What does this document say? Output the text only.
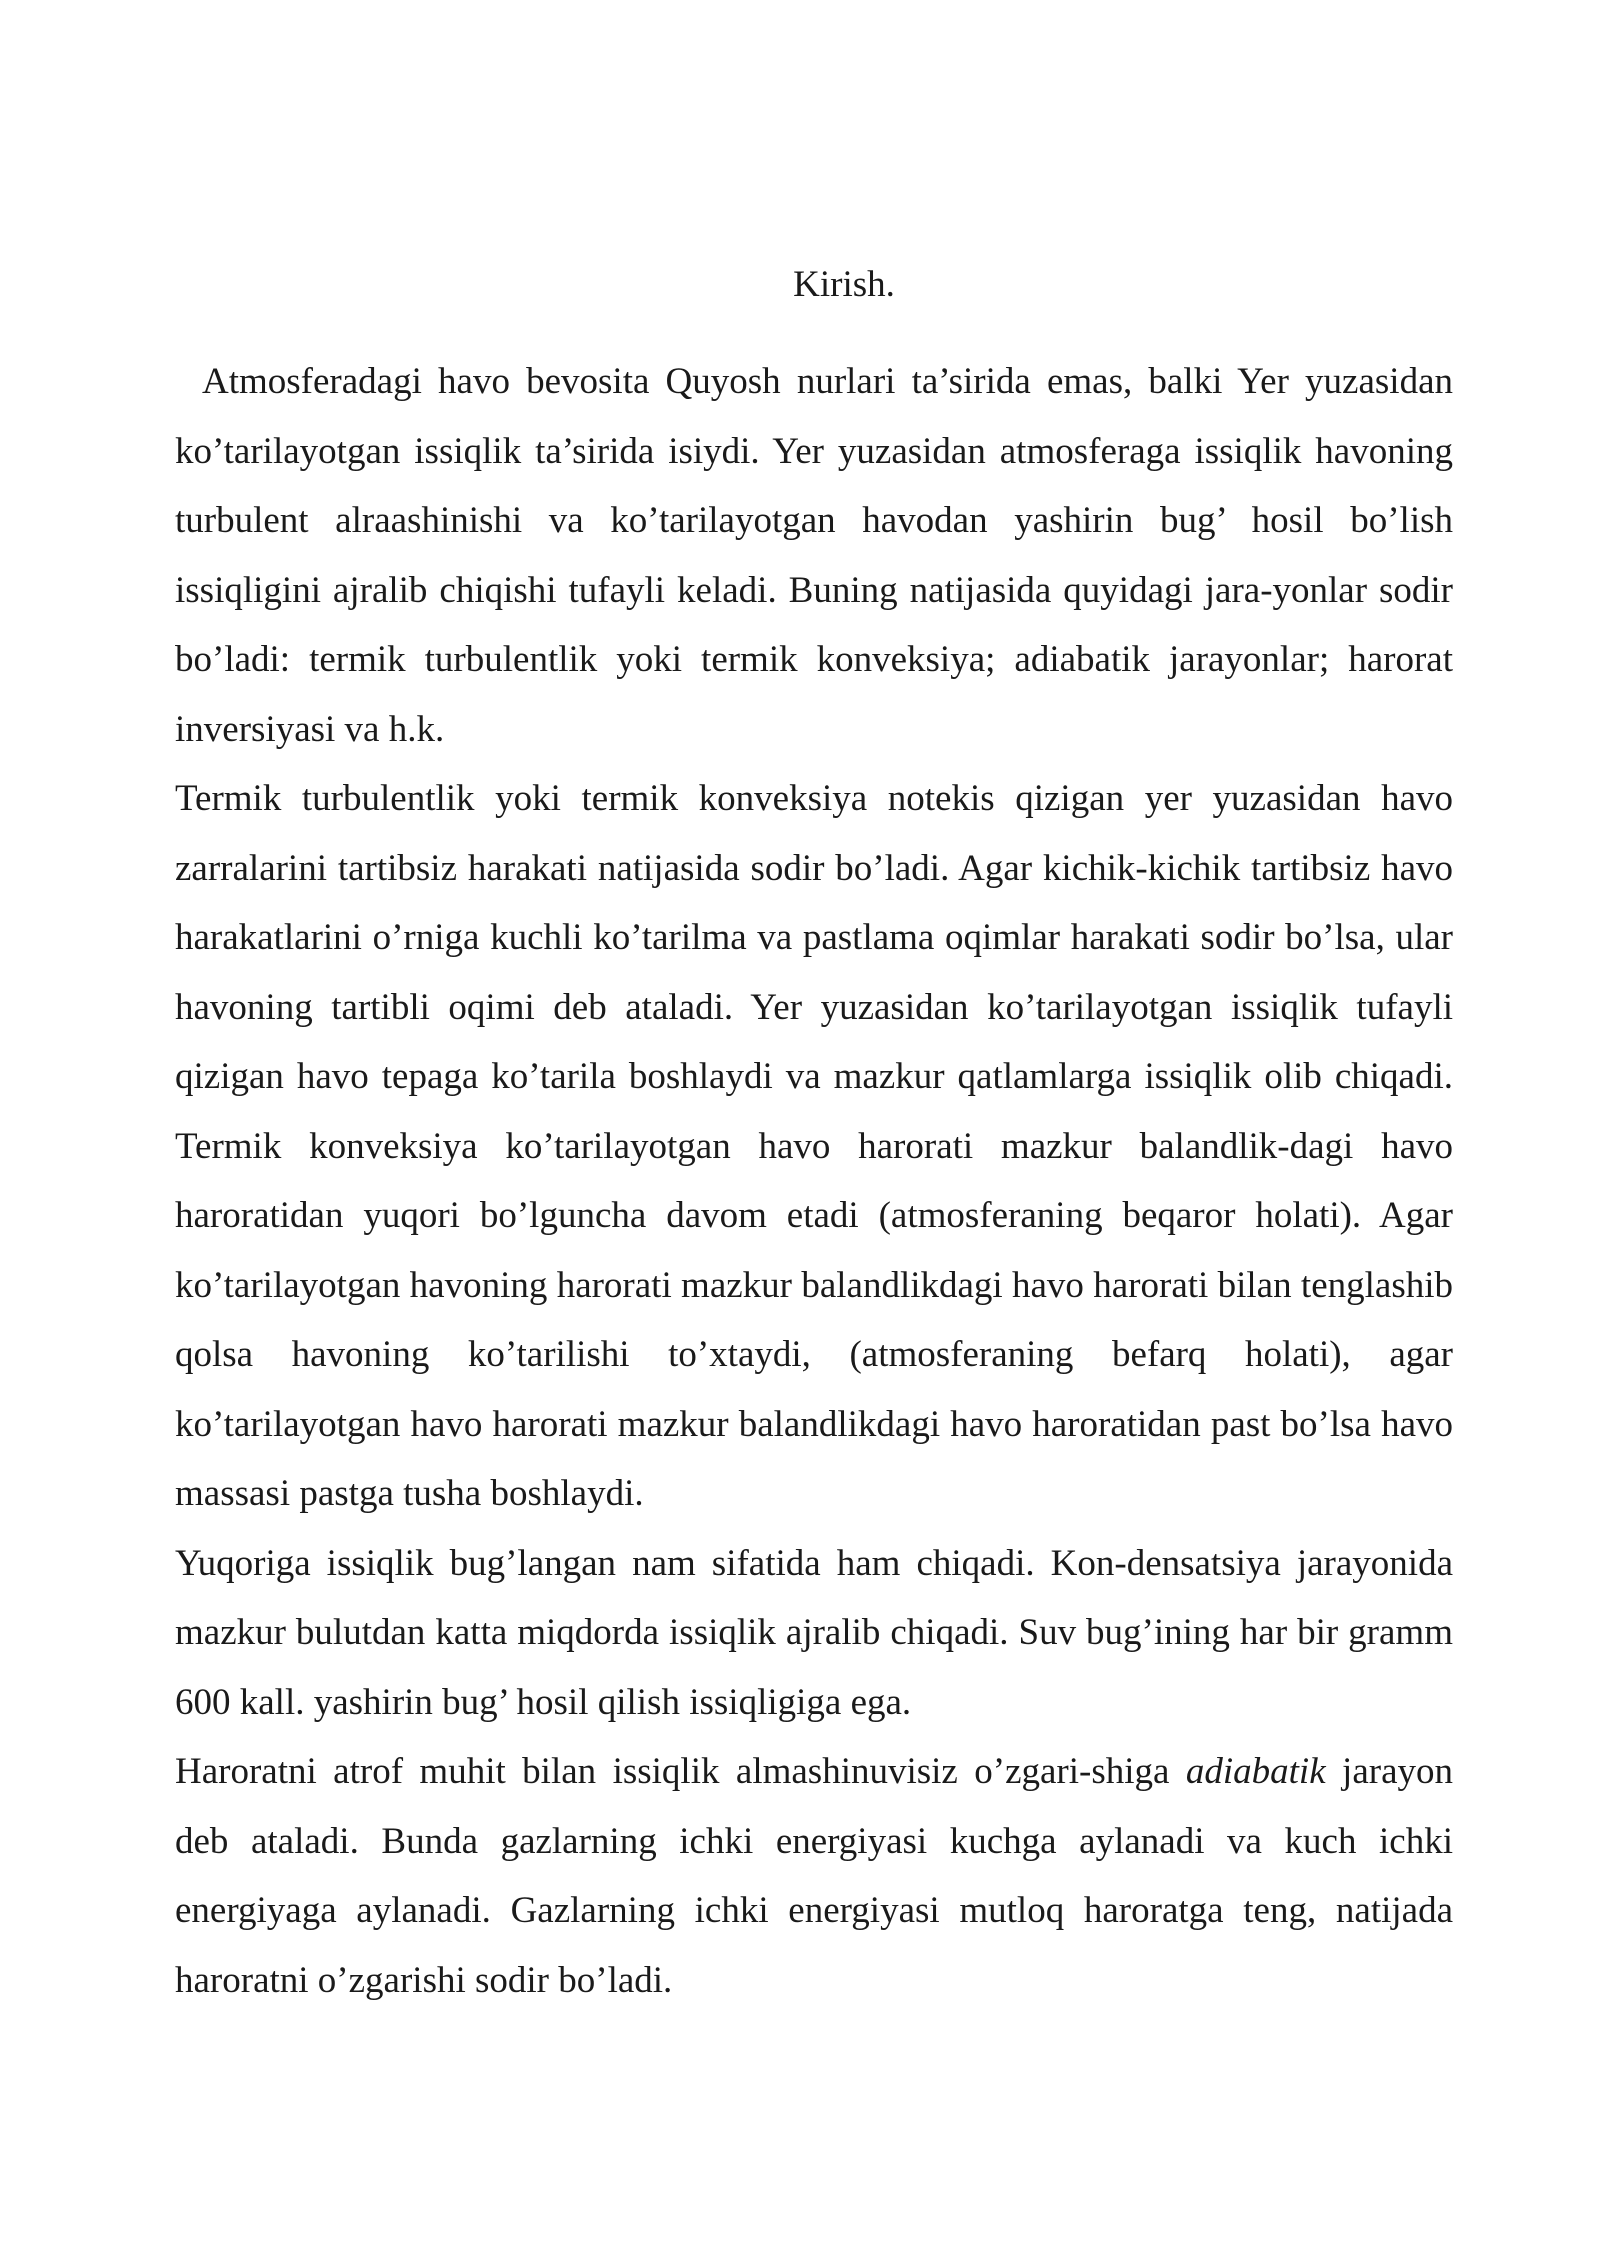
Kirish.

Atmosferadagi havo bevosita Quyosh nurlari ta’sirida emas, balki Yer yuzasidan ko’tarilayotgan issiqlik ta’sirida isiydi. Yer yuzasidan atmosferaga issiqlik havoning turbulent alraashinishi va ko’tarilayotgan havodan yashirin bug’ hosil bo’lish issiqligini ajralib chiqishi tufayli keladi. Buning natijasida quyidagi jara-yonlar sodir bo’ladi: termik turbulentlik yoki termik konveksiya; adiabatik jarayonlar; harorat inversiyasi va h.k.

Termik turbulentlik yoki termik konveksiya notekis qizigan yer yuzasidan havo zarralarini tartibsiz harakati natijasida sodir bo’ladi. Agar kichik-kichik tartibsiz havo harakatlarini o’rniga kuchli ko’tarilma va pastlama oqimlar harakati sodir bo’lsa, ular havoning tartibli oqimi deb ataladi. Yer yuzasidan ko’tarilayotgan issiqlik tufayli qizigan havo tepaga ko’tarila boshlaydi va mazkur qatlamlarga issiqlik olib chiqadi. Termik konveksiya ko’tarilayotgan havo harorati mazkur balandlik-dagi havo haroratidan yuqori bo’lguncha davom etadi (atmosferaning beqaror holati). Agar ko’tarilayotgan havoning harorati mazkur balandlikdagi havo harorati bilan tenglashib qolsa havoning ko’tarilishi to’xtaydi, (atmosferaning befarq holati), agar ko’tarilayotgan havo harorati mazkur balandlikdagi havo haroratidan past bo’lsa havo massasi pastga tusha boshlaydi.

Yuqoriga issiqlik bug’langan nam sifatida ham chiqadi. Kon-densatsiya jarayonida mazkur bulutdan katta miqdorda issiqlik ajralib chiqadi. Suv bug’ining har bir gramm 600 kall. yashirin bug’ hosil qilish issiqligiga ega.

Haroratni atrof muhit bilan issiqlik almashinuvisiz o’zgari-shiga adiabatik jarayon deb ataladi. Bunda gazlarning ichki energiyasi kuchga aylanadi va kuch ichki energiyaga aylanadi. Gazlarning ichki energiyasi mutloq haroratga teng, natijada haroratni o’zgarishi sodir bo’ladi.
